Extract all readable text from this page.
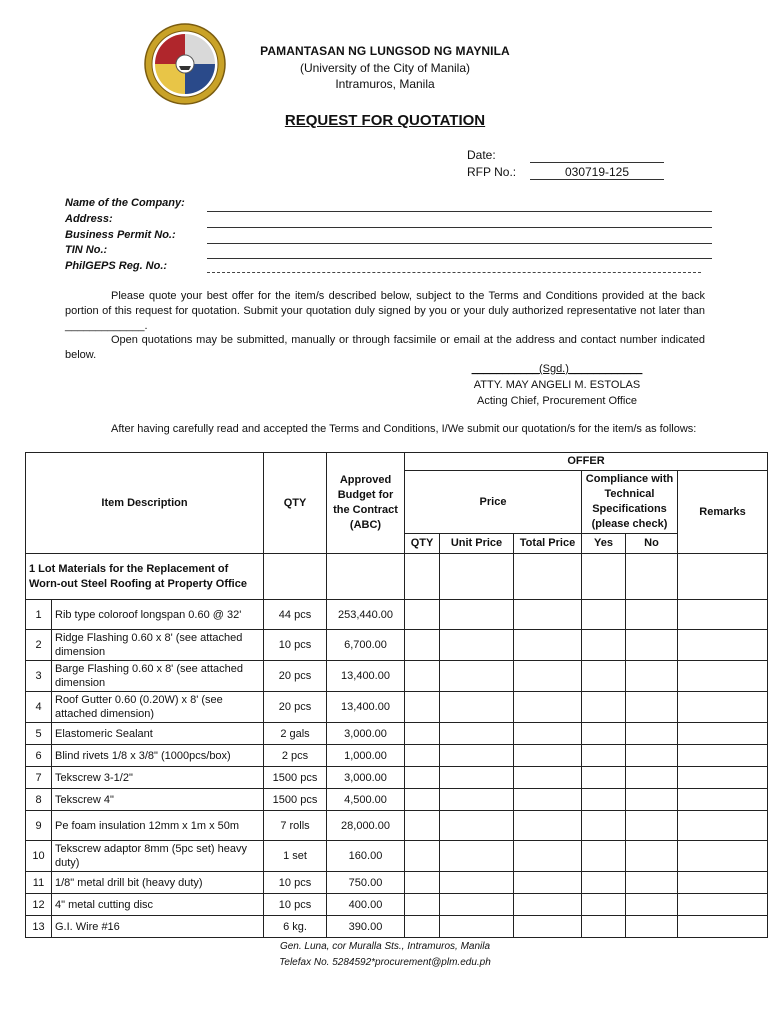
PAMANTASAN NG LUNGSOD NG MAYNILA
(University of the City of Manila)
Intramuros, Manila
REQUEST FOR QUOTATION
Date:
RFP No.:	030719-125
Name of the Company:
Address:
Business Permit No.:
TIN No.:
PhilGEPS Reg. No.:
Please quote your best offer for the item/s described below, subject to the Terms and Conditions provided at the back portion of this request for quotation. Submit your quotation duly signed by you or your duly authorized representative not later than _____________.
Open quotations may be submitted, manually or through facsimile or email at the address and contact number indicated below.
___________(Sgd.)____________
ATTY. MAY ANGELI M. ESTOLAS
Acting Chief, Procurement Office
After having carefully read and accepted the Terms and Conditions, I/We submit our quotation/s for the item/s as follows:
Item Description		QTY	Approved Budget for the Contract (ABC)	OFFER					
				Price			Compliance with Technical Specifications (please check)		Remarks
				QTY	Unit Price	Total Price	Yes	No	
1 Lot Materials for the Replacement of Worn-out Steel Roofing at Property Office									
1	Rib type coloroof longspan 0.60 @ 32'	44 pcs	253,440.00						
2	Ridge Flashing 0.60 x 8' (see attached dimension	10 pcs	6,700.00						
3	Barge Flashing 0.60 x 8' (see attached dimension	20 pcs	13,400.00						
4	Roof Gutter 0.60 (0.20W) x 8' (see attached dimension)	20 pcs	13,400.00						
5	Elastomeric Sealant	2 gals	3,000.00						
6	Blind rivets 1/8 x 3/8" (1000pcs/box)	2 pcs	1,000.00						
7	Tekscrew 3-1/2"	1500 pcs	3,000.00						
8	Tekscrew 4"	1500 pcs	4,500.00						
9	Pe foam insulation 12mm x 1m x 50m	7 rolls	28,000.00						
10	Tekscrew adaptor 8mm (5pc set) heavy duty)	1 set	160.00						
11	1/8" metal drill bit (heavy duty)	10 pcs	750.00						
12	4" metal cutting disc	10 pcs	400.00						
13	G.I. Wire #16	6 kg.	390.00						
Gen. Luna, cor Muralla Sts., Intramuros, Manila
Telefax No. 5284592*procurement@plm.edu.ph
